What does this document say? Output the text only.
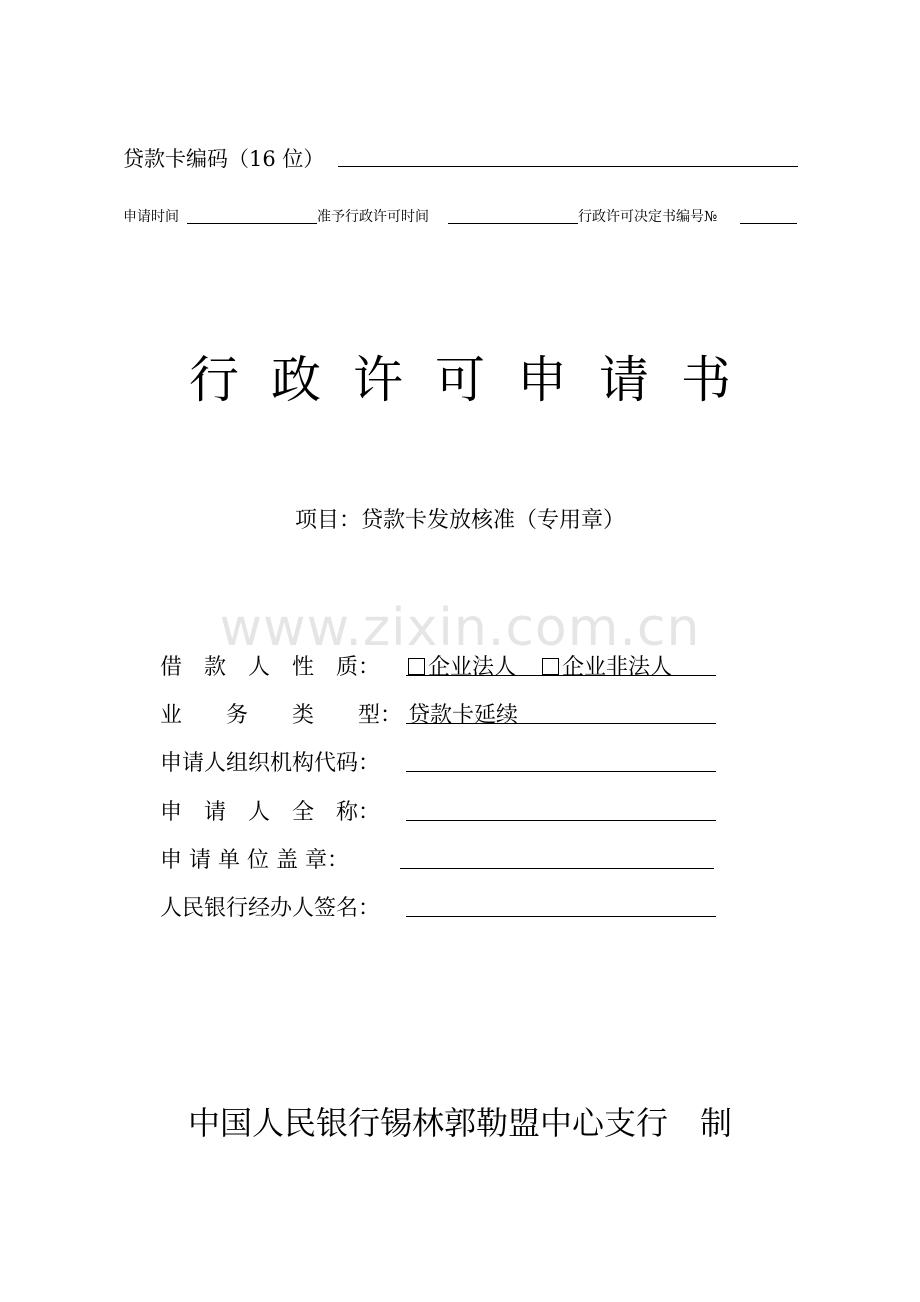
贷款卡编码（16 位）
申请时间	准予行政许可时间	行政许可决定书编号№
行政许可申请书
项目：贷款卡发放核准（专用章）
www.zixin.com.cn
借　款　人　性　质：	企业法人 企业非法人
业　　务　　类　　型： 贷款卡延续
申请人组织机构代码：
申　请　人　全　称：
申 请 单 位 盖 章：
人民银行经办人签名：
中国人民银行锡林郭勒盟中心支行　制
